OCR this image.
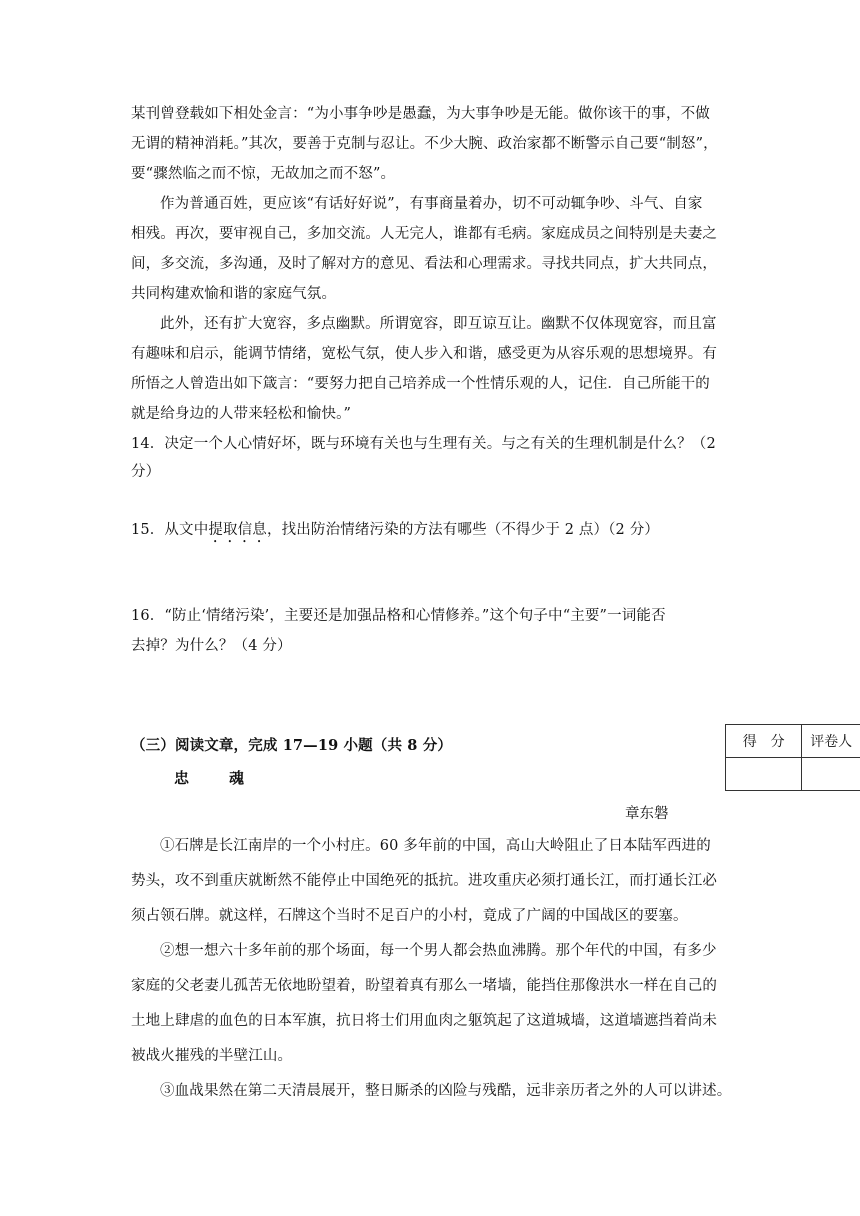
某刊曾登载如下相处金言：“为小事争吵是愚蠢，为大事争吵是无能。做你该干的事，不做
无谓的精神消耗。”其次，要善于克制与忍让。不少大腕、政治家都不断警示自己要“制怒”，
要“骤然临之而不惊，无故加之而不怒”。
作为普通百姓，更应该“有话好好说”，有事商量着办，切不可动辄争吵、斗气、自家
相残。再次，要审视自己，多加交流。人无完人，谁都有毛病。家庭成员之间特别是夫妻之
间，多交流，多沟通，及时了解对方的意见、看法和心理需求。寻找共同点，扩大共同点，
共同构建欢愉和谐的家庭气氛。
此外，还有扩大宽容，多点幽默。所谓宽容，即互谅互让。幽默不仅体现宽容，而且富
有趣味和启示，能调节情绪，宽松气氛，使人步入和谐，感受更为从容乐观的思想境界。有
所悟之人曾造出如下箴言：“要努力把自己培养成一个性情乐观的人，记住．自己所能干的
就是给身边的人带来轻松和愉快。”
14．决定一个人心情好坏，既与环境有关也与生理有关。与之有关的生理机制是什么？（2
分）
15．从文中提取信息，找出防治情绪污染的方法有哪些（不得少于 2 点）（2 分）
16．“防止‘情绪污染’，主要还是加强品格和心情修养。”这个句子中“主要”一词能否
去掉？为什么？（4 分）
（三）阅读文章，完成 17—19 小题（共 8 分）	得　分	评卷人

忠	魂
章东磐
①石牌是长江南岸的一个小村庄。60 多年前的中国，高山大岭阻止了日本陆军西进的
势头，攻不到重庆就断然不能停止中国绝死的抵抗。进攻重庆必须打通长江，而打通长江必
须占领石牌。就这样，石牌这个当时不足百户的小村，竟成了广阔的中国战区的要塞。
②想一想六十多年前的那个场面，每一个男人都会热血沸腾。那个年代的中国，有多少
家庭的父老妻儿孤苦无依地盼望着，盼望着真有那么一堵墙，能挡住那像洪水一样在自己的
土地上肆虐的血色的日本军旗，抗日将士们用血肉之躯筑起了这道城墙，这道墙遮挡着尚未
被战火摧残的半壁江山。
③血战果然在第二天清晨展开，整日厮杀的凶险与残酷，远非亲历者之外的人可以讲述。
